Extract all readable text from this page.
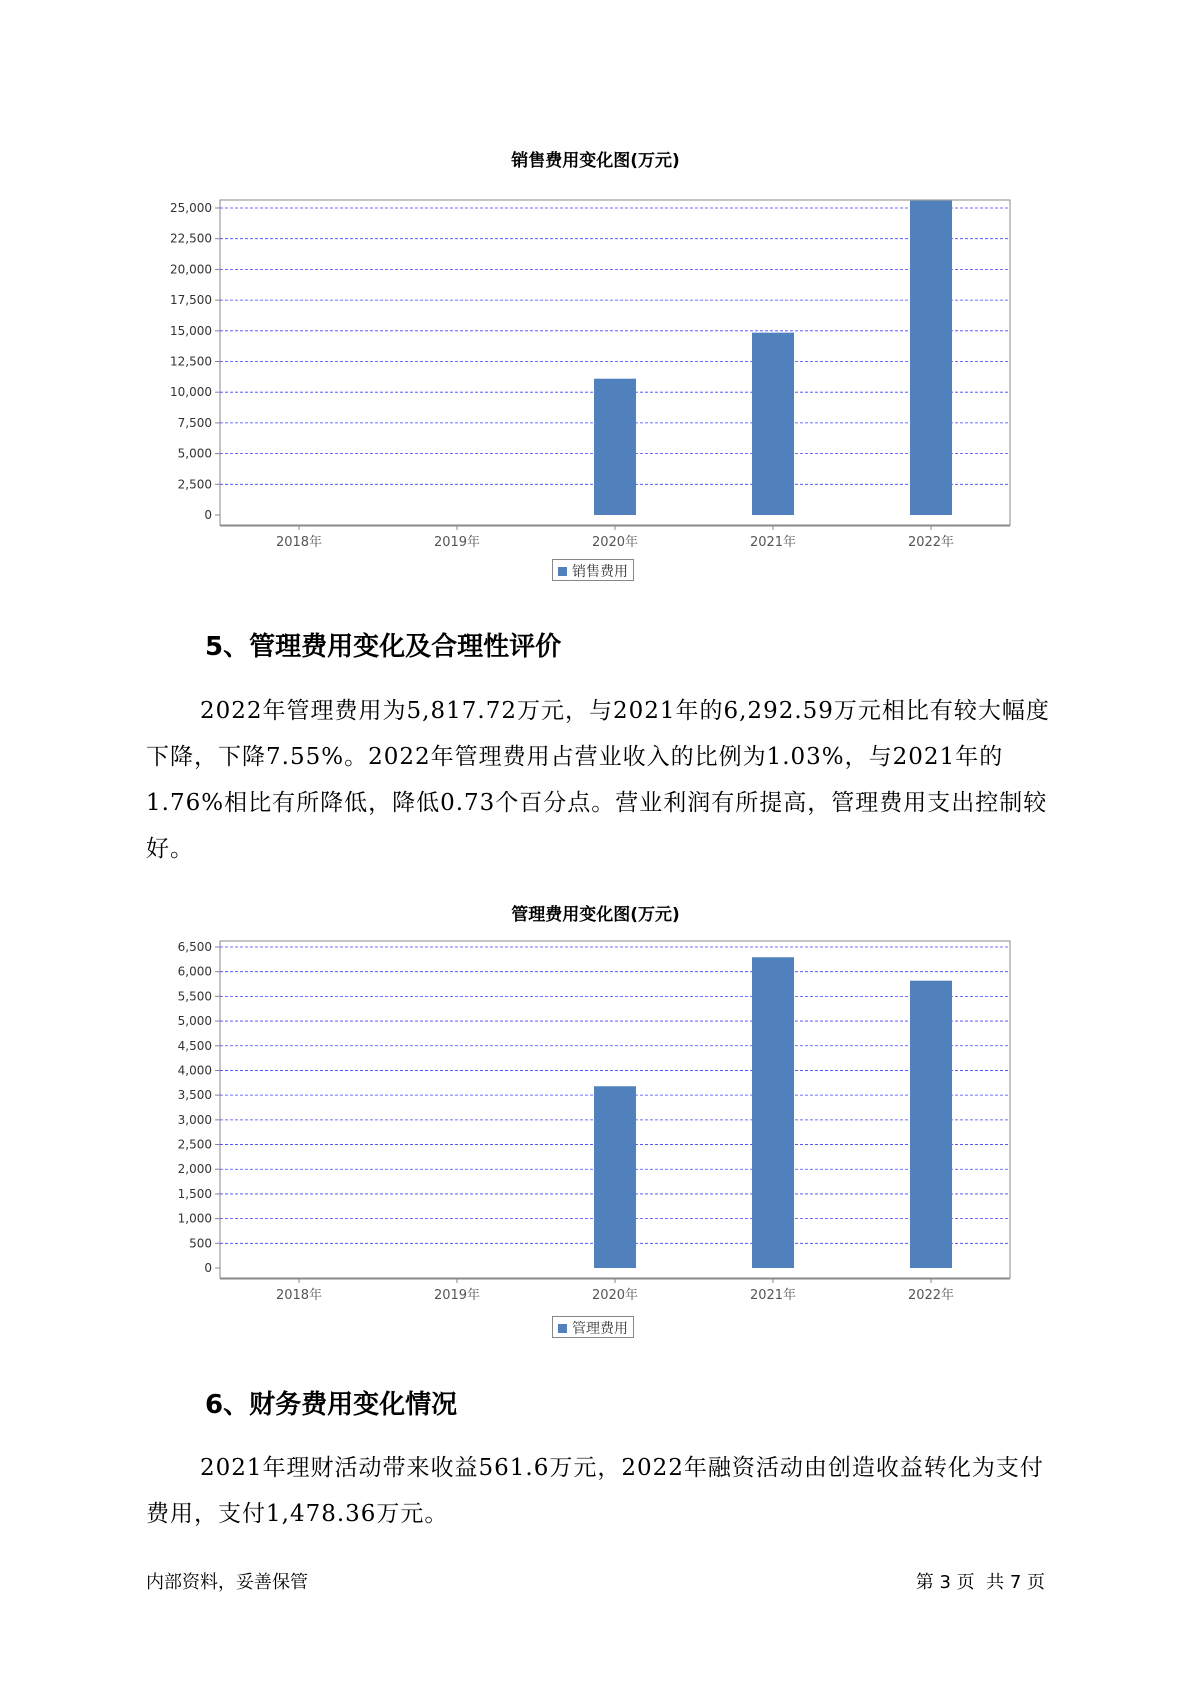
销售费用变化图(万元)
0
2,500
5,000
7,500
10,000
12,500
15,000
17,500
20,000
22,500
25,000
2018年	2019年	2020年	2021年	2022年
销售费用
5、管理费用变化及合理性评价

2022年管理费用为5,817.72万元，与2021年的6,292.59万元相比有较大幅度下降，下降7.55%。2022年管理费用占营业收入的比例为1.03%，与2021年的1.76%相比有所降低，降低0.73个百分点。营业利润有所提高，管理费用支出控制较好。

管理费用变化图(万元)
0
500
1,000
1,500
2,000
2,500
3,000
3,500
4,000
4,500
5,000
5,500
6,000
6,500
2018年	2019年	2020年	2021年	2022年
管理费用
6、财务费用变化情况

2021年理财活动带来收益561.6万元，2022年融资活动由创造收益转化为支付费用，支付1,478.36万元。

内部资料，妥善保管	第 3 页  共 7 页
